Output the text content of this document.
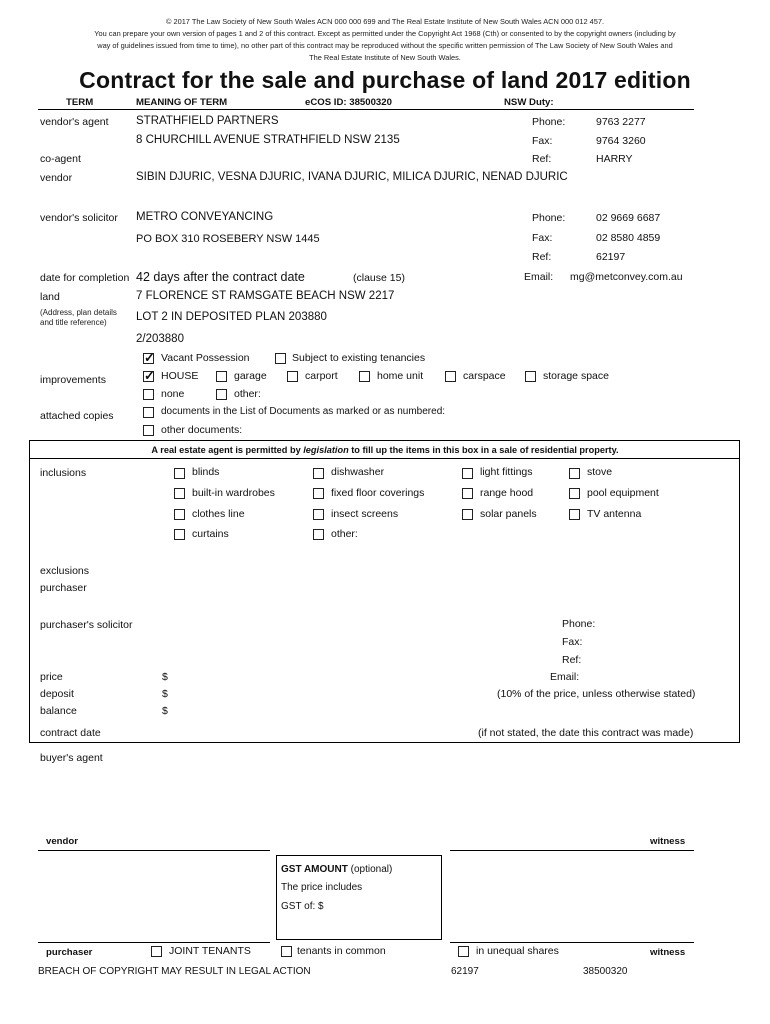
© 2017 The Law Society of New South Wales ACN 000 000 699 and The Real Estate Institute of New South Wales ACN 000 012 457.
You can prepare your own version of pages 1 and 2 of this contract. Except as permitted under the Copyright Act 1968 (Cth) or consented to by the copyright owners (including by
way of guidelines issued from time to time), no other part of this contract may be reproduced without the specific written permission of The Law Society of New South Wales and
The Real Estate Institute of New South Wales.
Contract for the sale and purchase of land 2017 edition
TERM	MEANING OF TERM	eCOS ID: 38500320	NSW Duty:
vendor's agent STRATHFIELD PARTNERS
8 CHURCHILL AVENUE STRATHFIELD NSW 2135
Phone:	9763 2277
Fax:	9764 3260
Ref:	HARRY
co-agent
vendor	SIBIN DJURIC, VESNA DJURIC, IVANA DJURIC, MILICA DJURIC, NENAD DJURIC
vendor's solicitor METRO CONVEYANCING
PO BOX 310 ROSEBERY NSW 1445
Phone:	02 9669 6687
Fax:	02 8580 4859
Ref:	62197
Email: mg@metconvey.com.au
date for completion 42 days after the contract date	(clause 15)
land
(Address, plan details
and title reference)
7 FLORENCE ST RAMSGATE BEACH NSW 2217
LOT 2 IN DEPOSITED PLAN 203880
2/203880
✓
Vacant Possession	Subject to existing tenancies
improvements
✓	HOUSE	garage	carport	home unit	carspace	storage space
none	other:
attached copies	documents in the List of Documents as marked or as numbered:
other documents:
A real estate agent is permitted by legislation to fill up the items in this box in a sale of residential property.
inclusions	blinds	dishwasher	light fittings	stove
built-in wardrobes	fixed floor coverings	range hood	pool equipment
clothes line	insect screens	solar panels	TV antenna
curtains	other:
exclusions
purchaser
purchaser's solicitor	Phone:
Fax:
Ref:
Email:
price	$
deposit	$	(10% of the price, unless otherwise stated)
balance	$
contract date	(if not stated, the date this contract was made)
buyer's agent
vendor	witness
GST AMOUNT (optional)
The price includes
GST of: $
purchaser	JOINT TENANTS	tenants in common	in unequal shares	witness
BREACH OF COPYRIGHT MAY RESULT IN LEGAL ACTION	62197	38500320
